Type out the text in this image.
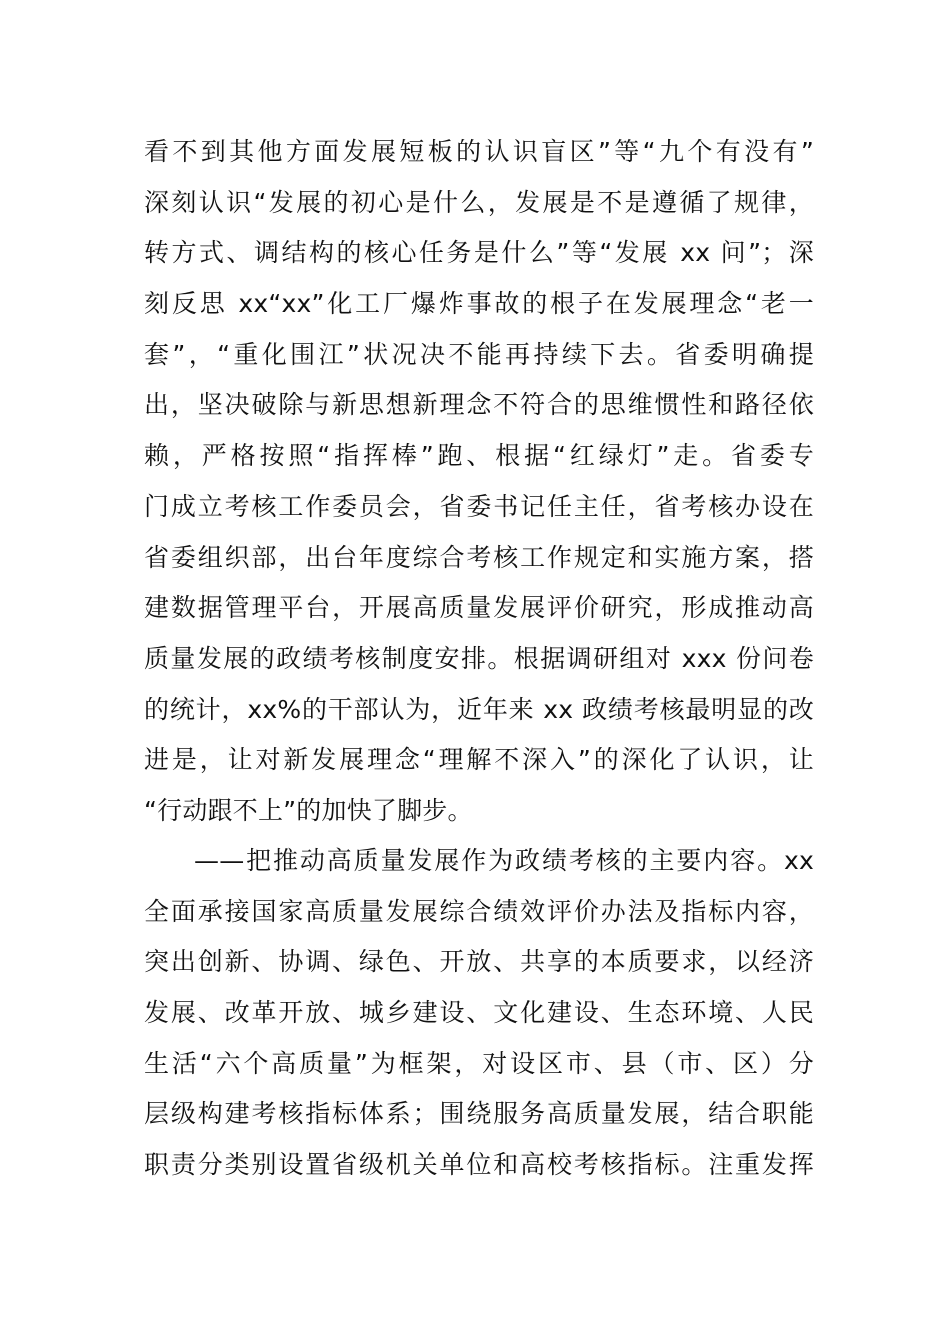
看不到其他方面发展短板的认识盲区”等“九个有没有”
深刻认识“发展的初心是什么，发展是不是遵循了规律，
转方式、调结构的核心任务是什么”等“发展 xx 问”；深
刻反思 xx“xx”化工厂爆炸事故的根子在发展理念“老一
套”，“重化围江”状况决不能再持续下去。省委明确提
出，坚决破除与新思想新理念不符合的思维惯性和路径依
赖，严格按照“指挥棒”跑、根据“红绿灯”走。省委专
门成立考核工作委员会，省委书记任主任，省考核办设在
省委组织部，出台年度综合考核工作规定和实施方案，搭
建数据管理平台，开展高质量发展评价研究，形成推动高
质量发展的政绩考核制度安排。根据调研组对 xxx 份问卷
的统计，xx%的干部认为，近年来 xx 政绩考核最明显的改
进是，让对新发展理念“理解不深入”的深化了认识，让
“行动跟不上”的加快了脚步。
——把推动高质量发展作为政绩考核的主要内容。xx
全面承接国家高质量发展综合绩效评价办法及指标内容，
突出创新、协调、绿色、开放、共享的本质要求，以经济
发展、改革开放、城乡建设、文化建设、生态环境、人民
生活“六个高质量”为框架，对设区市、县（市、区）分
层级构建考核指标体系；围绕服务高质量发展，结合职能
职责分类别设置省级机关单位和高校考核指标。注重发挥
